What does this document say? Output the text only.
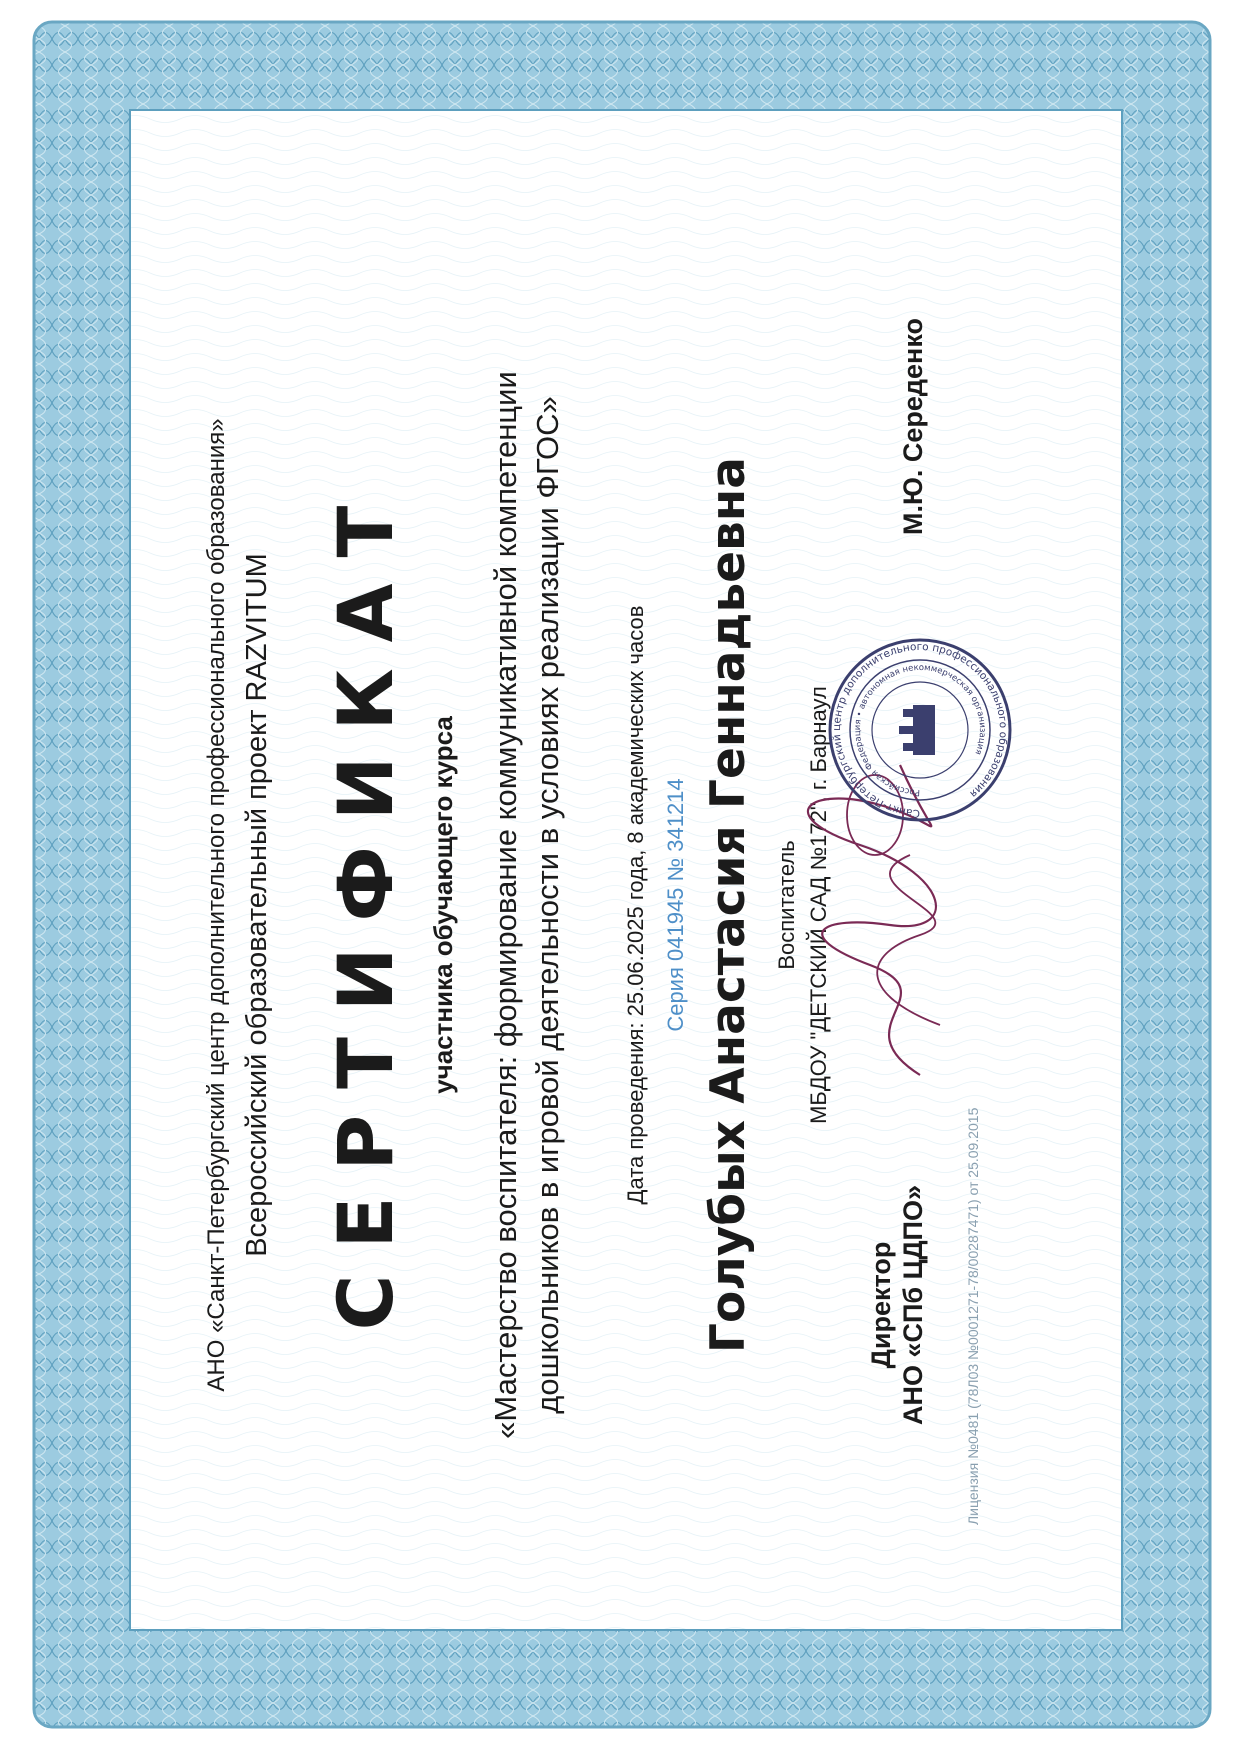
АНО «Санкт-Петербургский центр дополнительного профессионального образования» Всероссийский образовательный проект RAZVITUM СЕРТИФИКАТ участника обучающего курса «Мастерство воспитателя: формирование коммуникативной компетенции дошкольников в игровой деятельности в условиях реализации ФГОС»	Дата проведения: 25.06.2025 года, 8 академических часов Серия 041945 № 341214 Голубых Анастасия Геннадьевна Воспитатель МБДОУ "ДЕТСКИЙ САД №172", г. Барнаул
Директор АНО «СПб ЦДПО»
М.Ю. Середенко
Лицензия №0481 (78Л03 №0001271-78/00287471) от 25.09.2015
Санкт-Петербургский центр дополнительного профессионального образования
Российская Федерация • автономная некоммерческая организация
